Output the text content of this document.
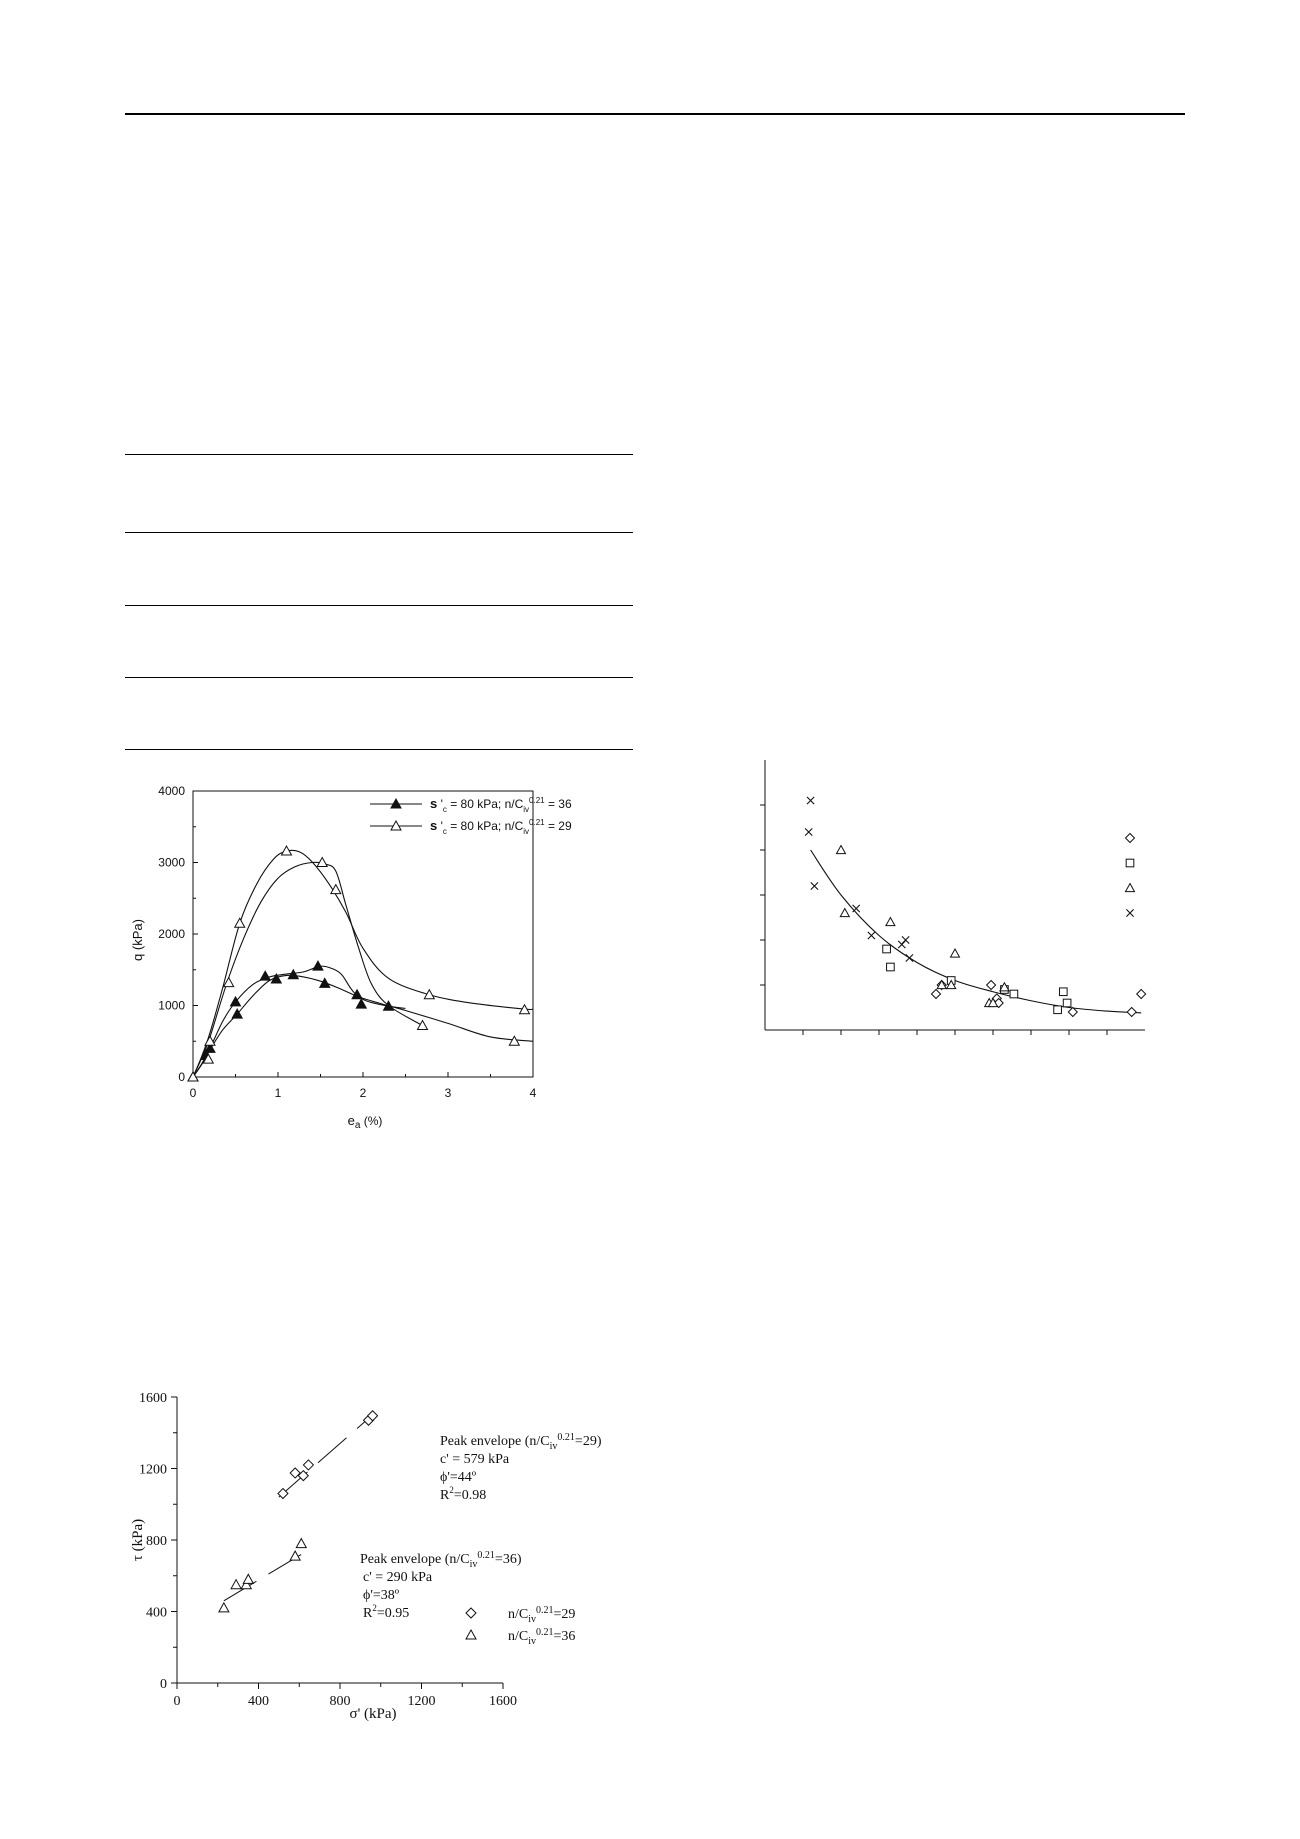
0	1	2	3	4
0
1000
2000
3000
4000
q (kPa)
$e_a$ (%)
s '$_c = 80$ kPa; $n/C_{iv}^{0.21} = 36$
s '$_c = 80$ kPa; $n/C_{iv}^{0.21} = 29$
0	400	800	1200	1600
0
400
800
1200
1600
τ (kPa)
σ' (kPa)
Peak envelope $(n/C_{iv}^{0.21}=29)$
c' = 579 kPa
ϕ'=44º
$R^2=0.98$
Peak envelope $(n/C_{iv}^{0.21}=36)$
c' = 290 kPa
ϕ'=38º
$R^2=0.95$	$n/C_{iv}^{0.21}=29$
$n/C_{iv}^{0.21}=36$
